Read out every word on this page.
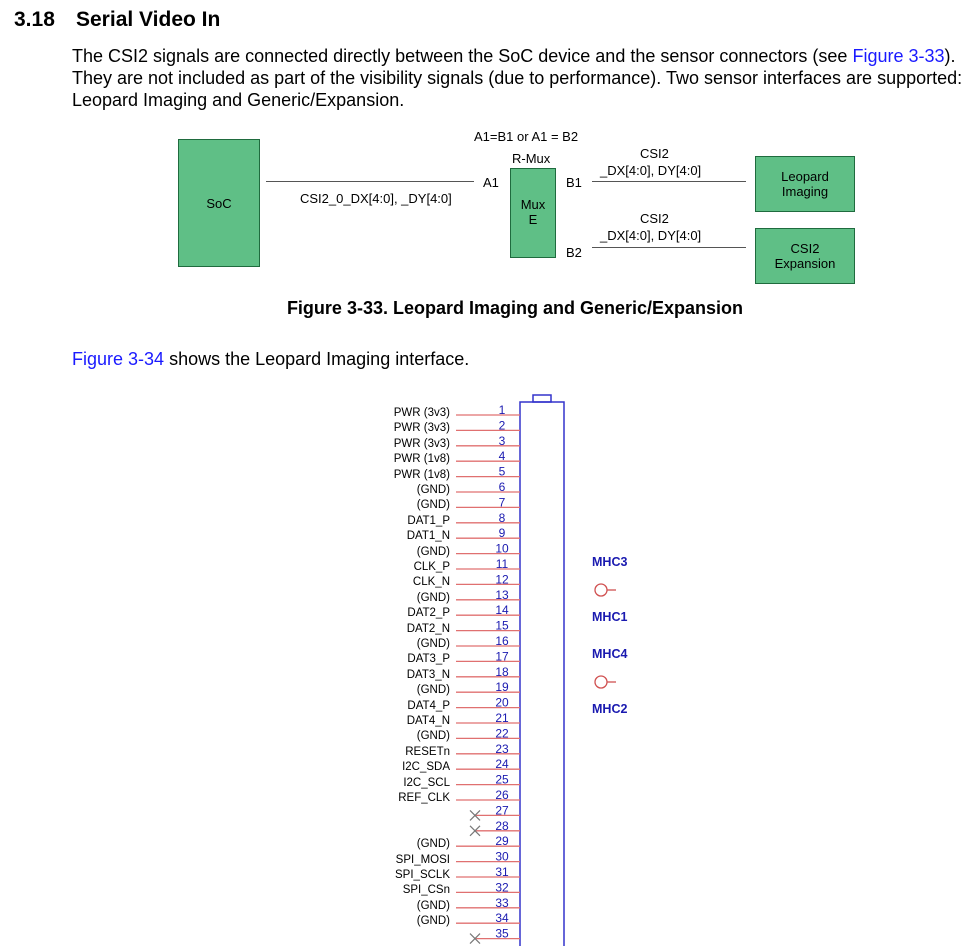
3.18 Serial Video In
The CSI2 signals are connected directly between the SoC device and the sensor connectors (see Figure 3-33). They are not included as part of the visibility signals (due to performance). Two sensor interfaces are supported: Leopard Imaging and Generic/Expansion.
SoC	CSI2_0_DX[4:0], _DY[4:0]
A1
A1=B1 or A1 = B2
R-Mux
Mux
E
B1
B2
CSI2
_DX[4:0], DY[4:0]
CSI2
_DX[4:0], DY[4:0]
Leopard
Imaging
CSI2
Expansion
Figure 3-33. Leopard Imaging and Generic/Expansion
Figure 3-34 shows the Leopard Imaging interface.
1
2
3
4
5
6
7
8
9
10
11
12
13
14
15
16
17
18
19
20
21
22
23
24
25
26
27
28
29
30
31
32
33
34
35
PWR (3v3)
PWR (3v3)
PWR (3v3)
PWR (1v8)
PWR (1v8)
(GND)
(GND)
DAT1_P
DAT1_N
(GND)
CLK_P
CLK_N
(GND)
DAT2_P
DAT2_N
(GND)
DAT3_P
DAT3_N
(GND)
DAT4_P
DAT4_N
(GND)
RESETn
I2C_SDA
I2C_SCL
REF_CLK
(GND)
SPI_MOSI
SPI_SCLK
SPI_CSn
(GND)
(GND)
MHC3
MHC1
MHC4
MHC2
